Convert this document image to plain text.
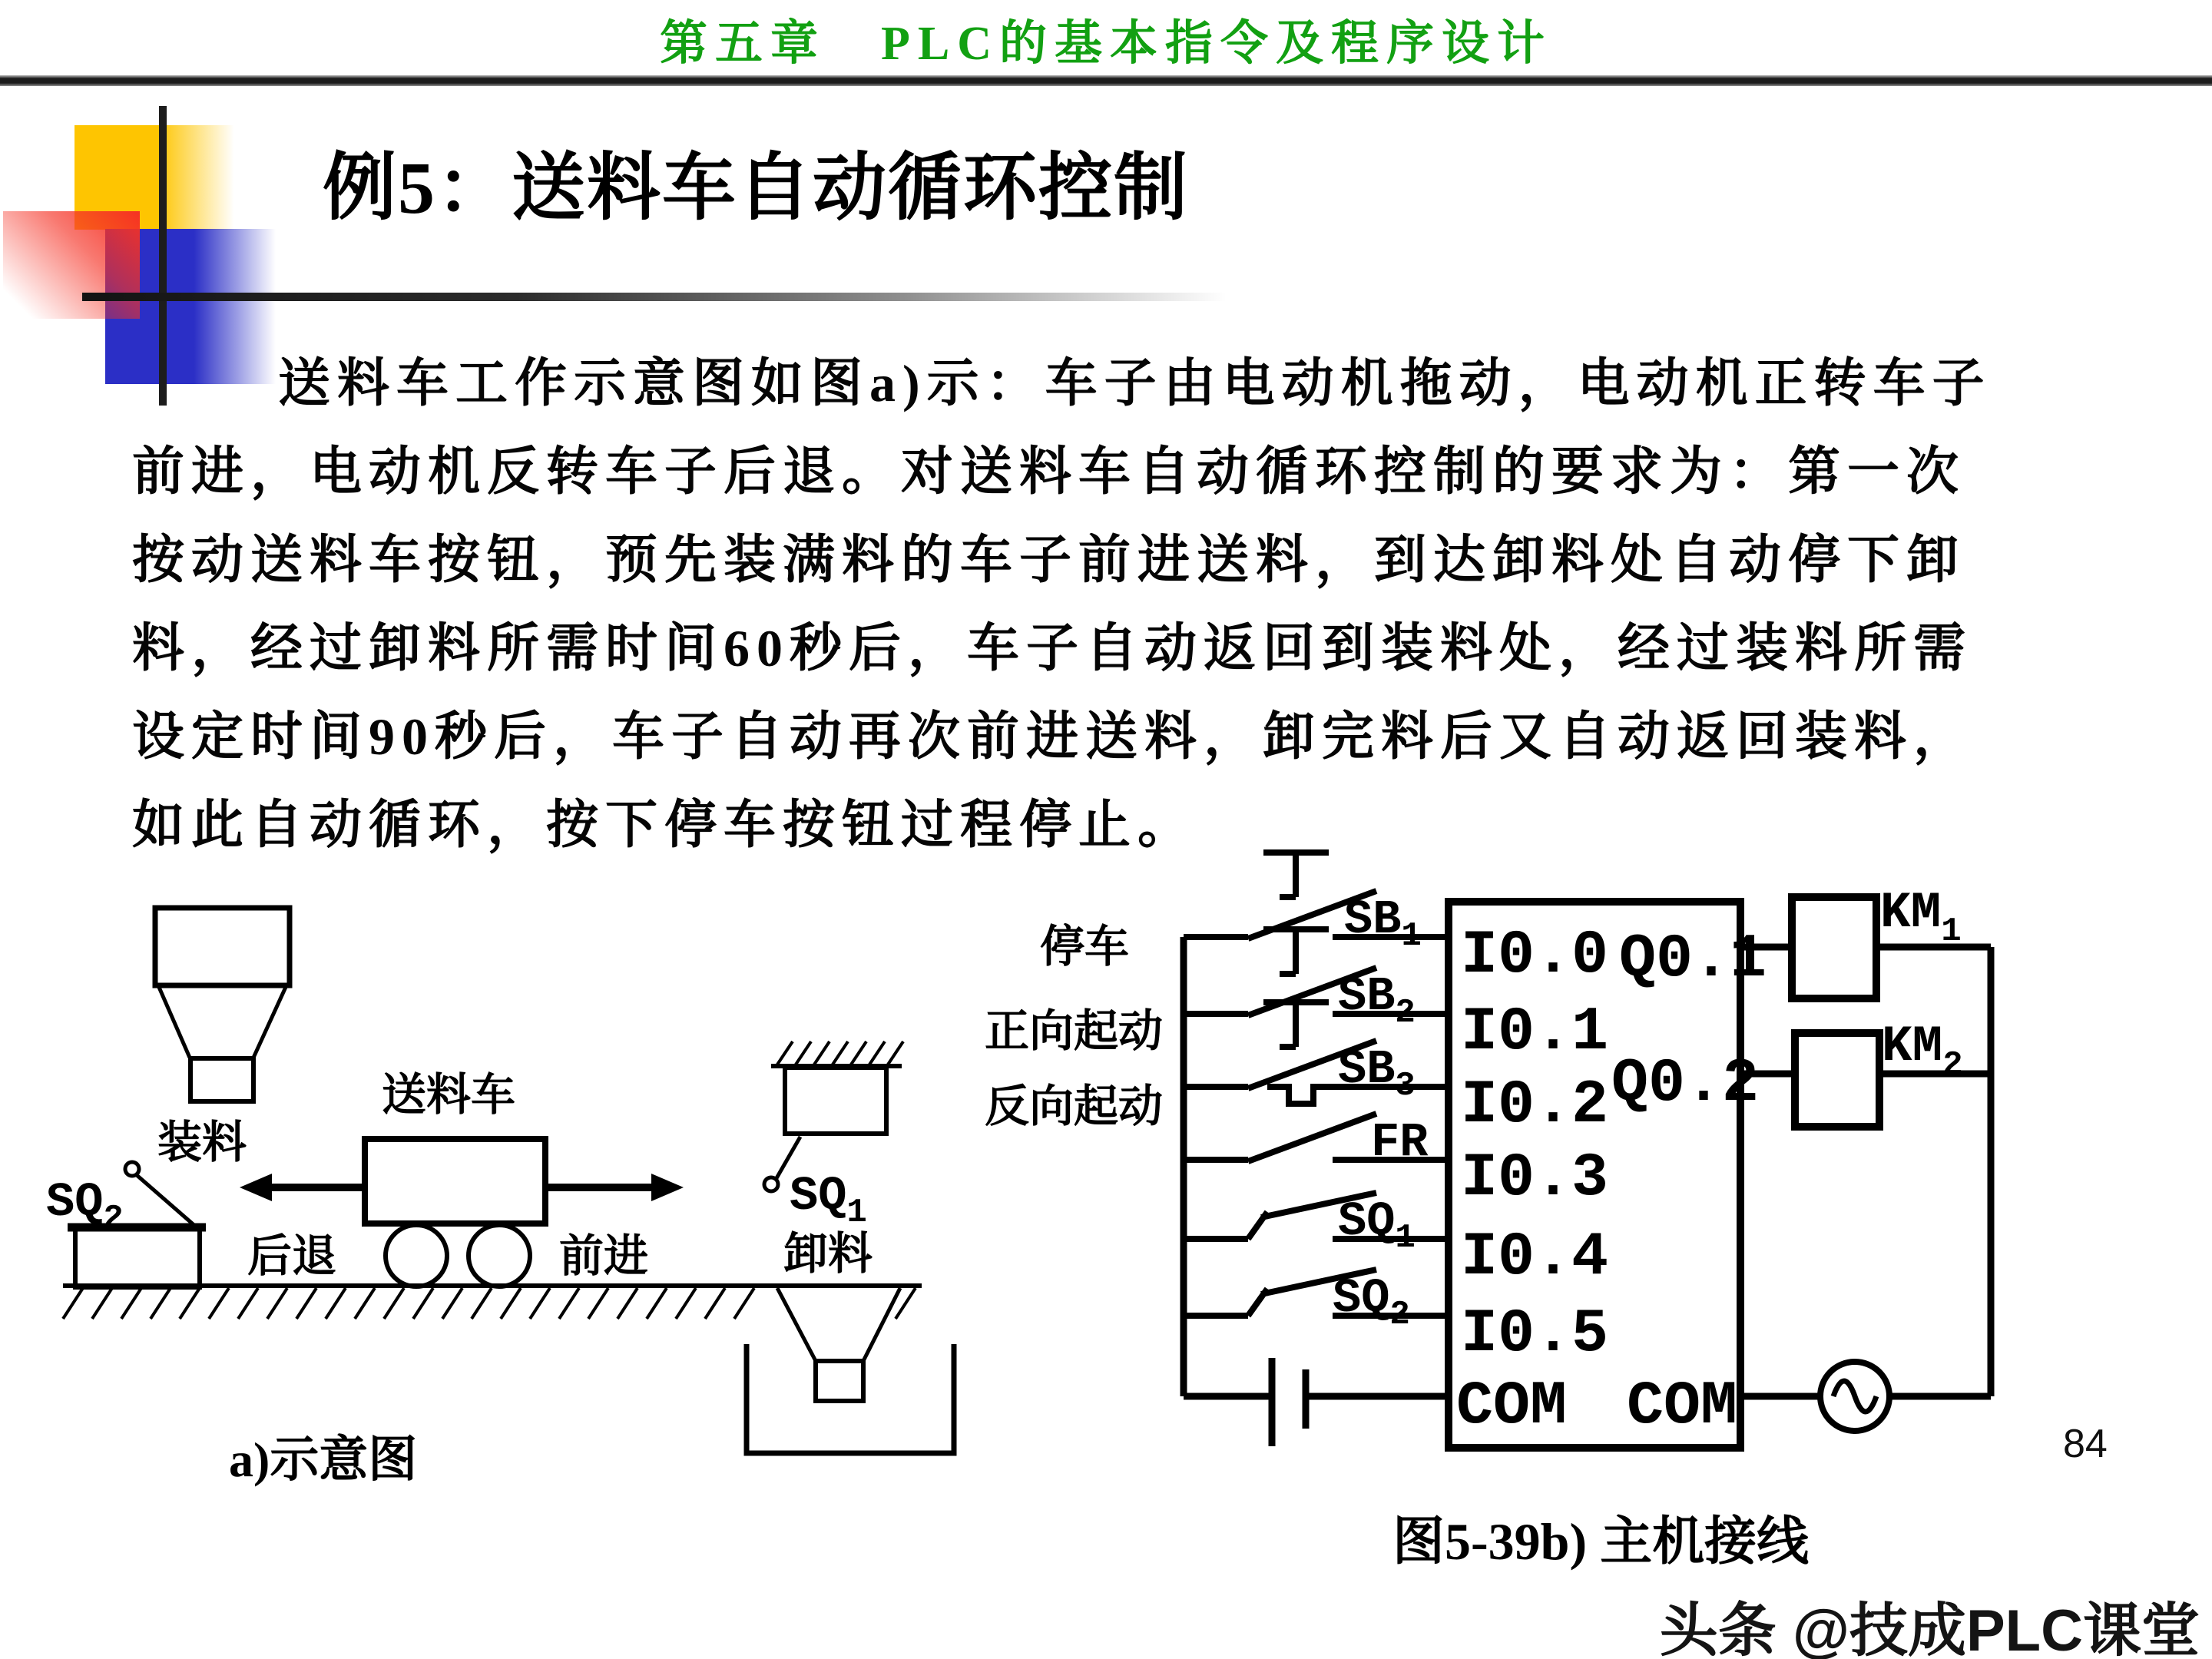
第五章　PLC的基本指令及程序设计
例5：送料车自动循环控制
送料车工作示意图如图a)示：车子由电动机拖动，电动机正转车子
前进，电动机反转车子后退。对送料车自动循环控制的要求为：第一次
按动送料车按钮，预先装满料的车子前进送料，到达卸料处自动停下卸
料，经过卸料所需时间60秒后，车子自动返回到装料处，经过装料所需
设定时间90秒后，车子自动再次前进送料，卸完料后又自动返回装料，
如此自动循环，按下停车按钮过程停止。
装料
$SQ_2$
送料车
后退	前进
$SQ_1$
卸料
a)示意图
停车
正向起动
反向起动
$SB_1$
$SB_2$
$SB_3$
FR
$SQ_1$
$SQ_2$
I0.0
I0.1
I0.2
I0.3
I0.4
I0.5
COM
Q0.1
Q0.2
COM
$KM_1$
$KM_2$
图5-39b) 主机接线
84
头条 @技成PLC课堂
